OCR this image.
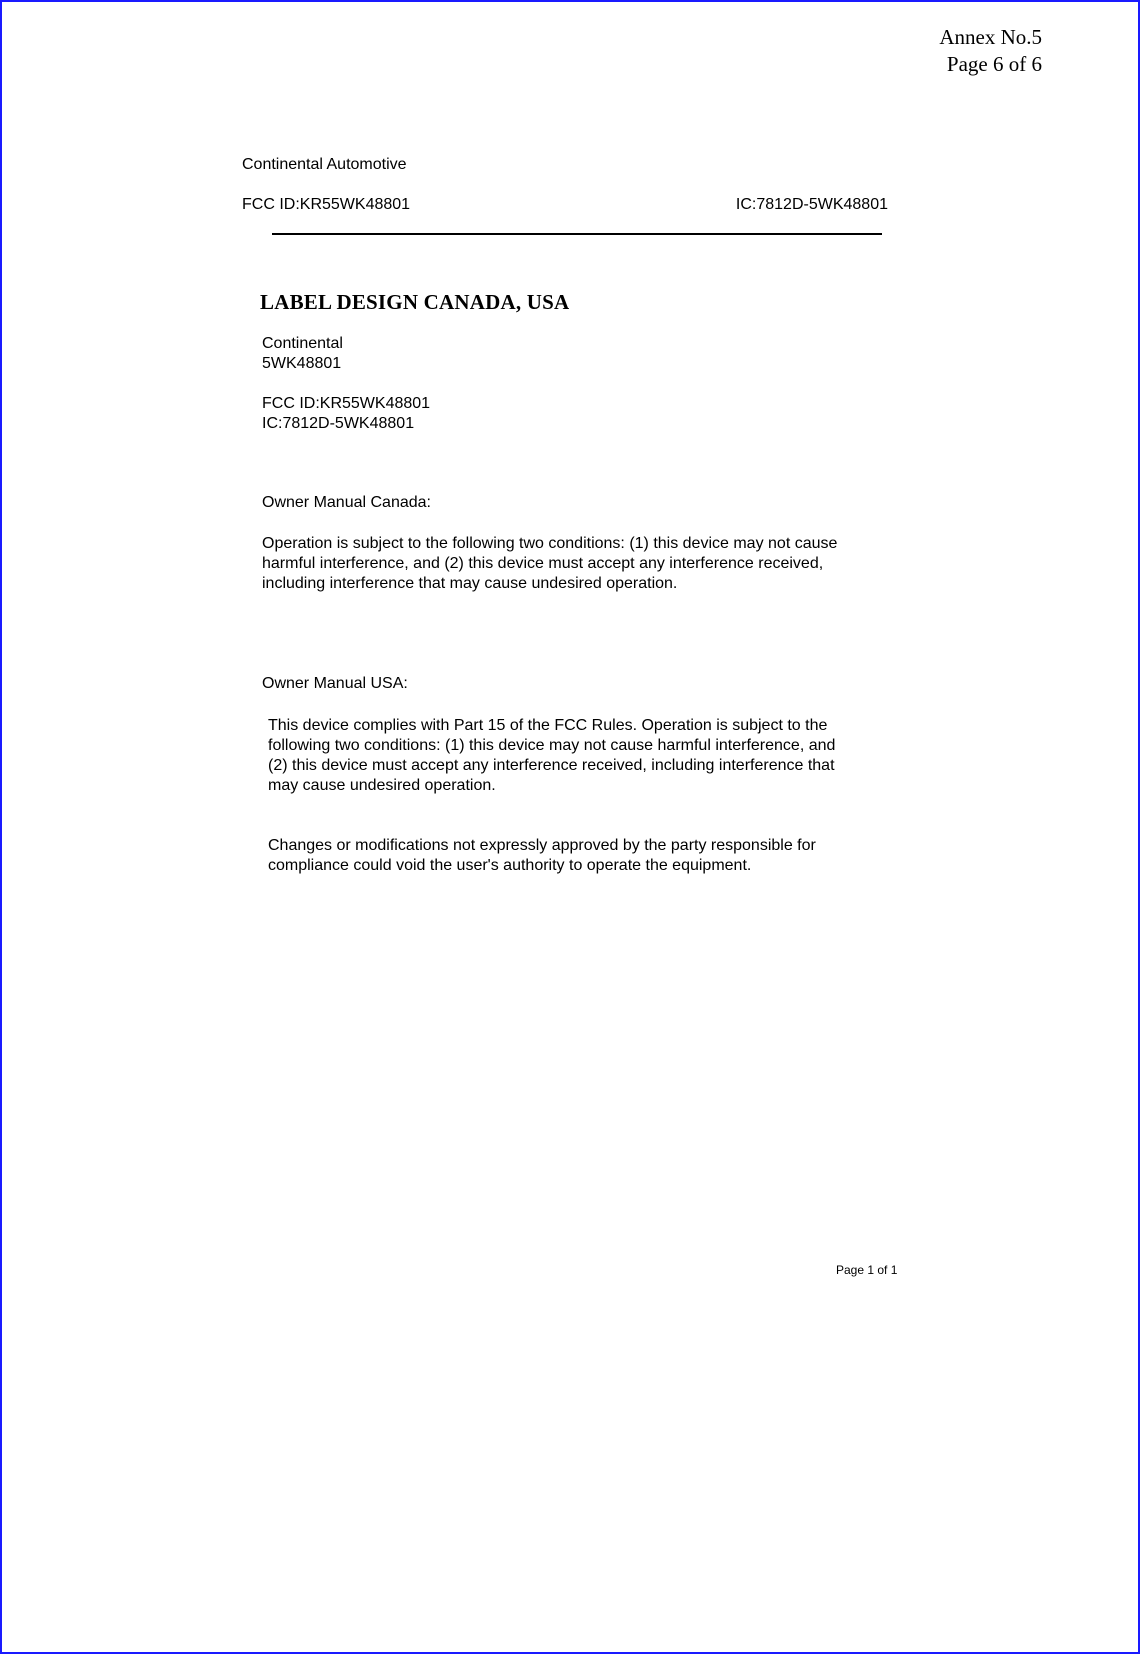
Annex No.5
Page 6 of 6
Continental Automotive
FCC ID:KR55WK48801	IC:7812D-5WK48801
LABEL DESIGN CANADA, USA
Continental
5WK48801
FCC ID:KR55WK48801
IC:7812D-5WK48801
Owner Manual Canada:
Operation is subject to the following two conditions: (1) this device may not cause
harmful interference, and (2) this device must accept any interference received,
including interference that may cause undesired operation.
Owner Manual USA:
This device complies with Part 15 of the FCC Rules. Operation is subject to the
following two conditions: (1) this device may not cause harmful interference, and
(2) this device must accept any interference received, including interference that
may cause undesired operation.
Changes or modifications not expressly approved by the party responsible for
compliance could void the user's authority to operate the equipment.
Page 1 of 1
